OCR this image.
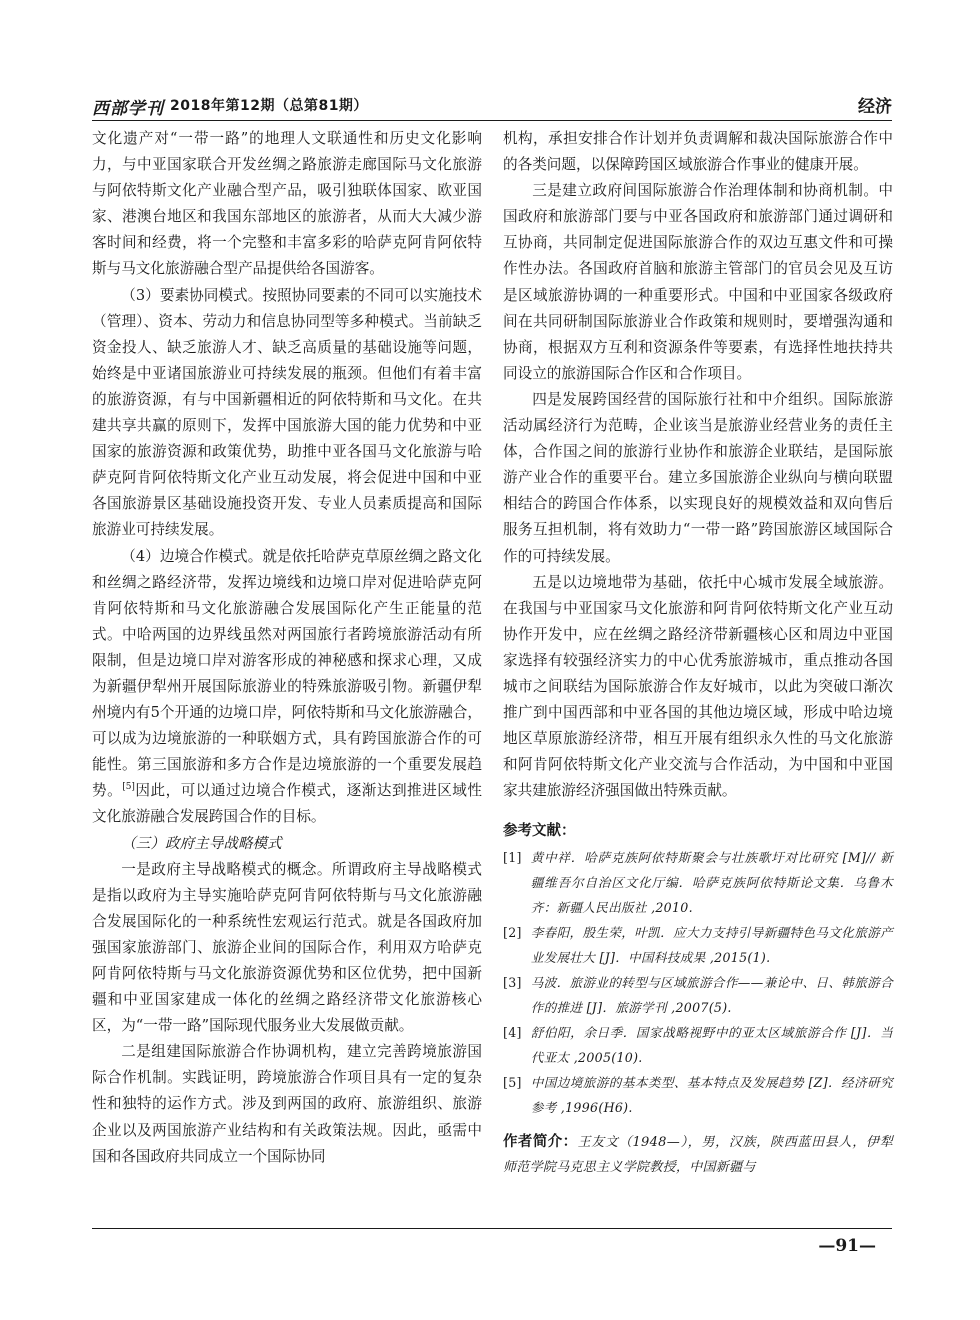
西部学刊 2018年第12期（总第81期）	经济

文化遗产对“一带一路”的地理人文联通性和历史文化影响力，与中亚国家联合开发丝绸之路旅游走廊国际马文化旅游与阿依特斯文化产业融合型产品，吸引独联体国家、欧亚国家、港澳台地区和我国东部地区的旅游者，从而大大减少游客时间和经费，将一个完整和丰富多彩的哈萨克阿肯阿依特斯与马文化旅游融合型产品提供给各国游客。

（3）要素协同模式。按照协同要素的不同可以实施技术（管理）、资本、劳动力和信息协同型等多种模式。当前缺乏资金投人、缺乏旅游人才、缺乏高质量的基础设施等问题，始终是中亚诸国旅游业可持续发展的瓶颈。但他们有着丰富的旅游资源，有与中国新疆相近的阿依特斯和马文化。在共建共享共赢的原则下，发挥中国旅游大国的能力优势和中亚国家的旅游资源和政策优势，助推中亚各国马文化旅游与哈萨克阿肯阿依特斯文化产业互动发展，将会促进中国和中亚各国旅游景区基础设施投资开发、专业人员素质提高和国际旅游业可持续发展。

（4）边境合作模式。就是依托哈萨克草原丝绸之路文化和丝绸之路经济带，发挥边境线和边境口岸对促进哈萨克阿肯阿依特斯和马文化旅游融合发展国际化产生正能量的范式。中哈两国的边界线虽然对两国旅行者跨境旅游活动有所限制，但是边境口岸对游客形成的神秘感和探求心理，又成为新疆伊犁州开展国际旅游业的特殊旅游吸引物。新疆伊犁州境内有5个开通的边境口岸，阿依特斯和马文化旅游融合，可以成为边境旅游的一种联姻方式，具有跨国旅游合作的可能性。第三国旅游和多方合作是边境旅游的一个重要发展趋势。[5]因此，可以通过边境合作模式，逐渐达到推进区域性文化旅游融合发展跨国合作的目标。

（三）政府主导战略模式

一是政府主导战略模式的概念。所谓政府主导战略模式是指以政府为主导实施哈萨克阿肯阿依特斯与马文化旅游融合发展国际化的一种系统性宏观运行范式。就是各国政府加强国家旅游部门、旅游企业间的国际合作，利用双方哈萨克阿肯阿依特斯与马文化旅游资源优势和区位优势，把中国新疆和中亚国家建成一体化的丝绸之路经济带文化旅游核心区，为“一带一路”国际现代服务业大发展做贡献。

二是组建国际旅游合作协调机构，建立完善跨境旅游国际合作机制。实践证明，跨境旅游合作项目具有一定的复杂性和独特的运作方式。涉及到两国的政府、旅游组织、旅游企业以及两国旅游产业结构和有关政策法规。因此，亟需中国和各国政府共同成立一个国际协同

机构，承担安排合作计划并负责调解和裁决国际旅游合作中的各类问题，以保障跨国区域旅游合作事业的健康开展。

三是建立政府间国际旅游合作治理体制和协商机制。中国政府和旅游部门要与中亚各国政府和旅游部门通过调研和互协商，共同制定促进国际旅游合作的双边互惠文件和可操作性办法。各国政府首脑和旅游主管部门的官员会见及互访是区域旅游协调的一种重要形式。中国和中亚国家各级政府间在共同研制国际旅游业合作政策和规则时，要增强沟通和协商，根据双方互利和资源条件等要素，有选择性地扶持共同设立的旅游国际合作区和合作项目。

四是发展跨国经营的国际旅行社和中介组织。国际旅游活动属经济行为范畴，企业该当是旅游业经营业务的责任主体，合作国之间的旅游行业协作和旅游企业联结，是国际旅游产业合作的重要平台。建立多国旅游企业纵向与横向联盟相结合的跨国合作体系，以实现良好的规模效益和双向售后服务互担机制，将有效助力“一带一路”跨国旅游区域国际合作的可持续发展。

五是以边境地带为基础，依托中心城市发展全域旅游。在我国与中亚国家马文化旅游和阿肯阿依特斯文化产业互动协作开发中，应在丝绸之路经济带新疆核心区和周边中亚国家选择有较强经济实力的中心优秀旅游城市，重点推动各国城市之间联结为国际旅游合作友好城市，以此为突破口渐次推广到中国西部和中亚各国的其他边境区域，形成中哈边境地区草原旅游经济带，相互开展有组织永久性的马文化旅游和阿肯阿依特斯文化产业交流与合作活动，为中国和中亚国家共建旅游经济强国做出特殊贡献。

参考文献：

[1] 黄中祥．哈萨克族阿依特斯聚会与壮族歌圩对比研究 [M]// 新疆维吾尔自治区文化厅编．哈萨克族阿依特斯论文集．乌鲁木齐：新疆人民出版社 ,2010.

[2] 李春阳，殷生荣，叶凯．应大力支持引导新疆特色马文化旅游产业发展壮大 [J]．中国科技成果 ,2015(1).

[3] 马波．旅游业的转型与区域旅游合作——兼论中、日、韩旅游合作的推进 [J]．旅游学刊 ,2007(5).

[4] 舒伯阳，余日季．国家战略视野中的亚太区域旅游合作 [J]．当代亚太 ,2005(10).

[5] 中国边境旅游的基本类型、基本特点及发展趋势 [Z]．经济研究参考 ,1996(H6).

作者简介：王友文（1948—），男，汉族，陕西蓝田县人，伊犁师范学院马克思主义学院教授，中国新疆与

—91—
